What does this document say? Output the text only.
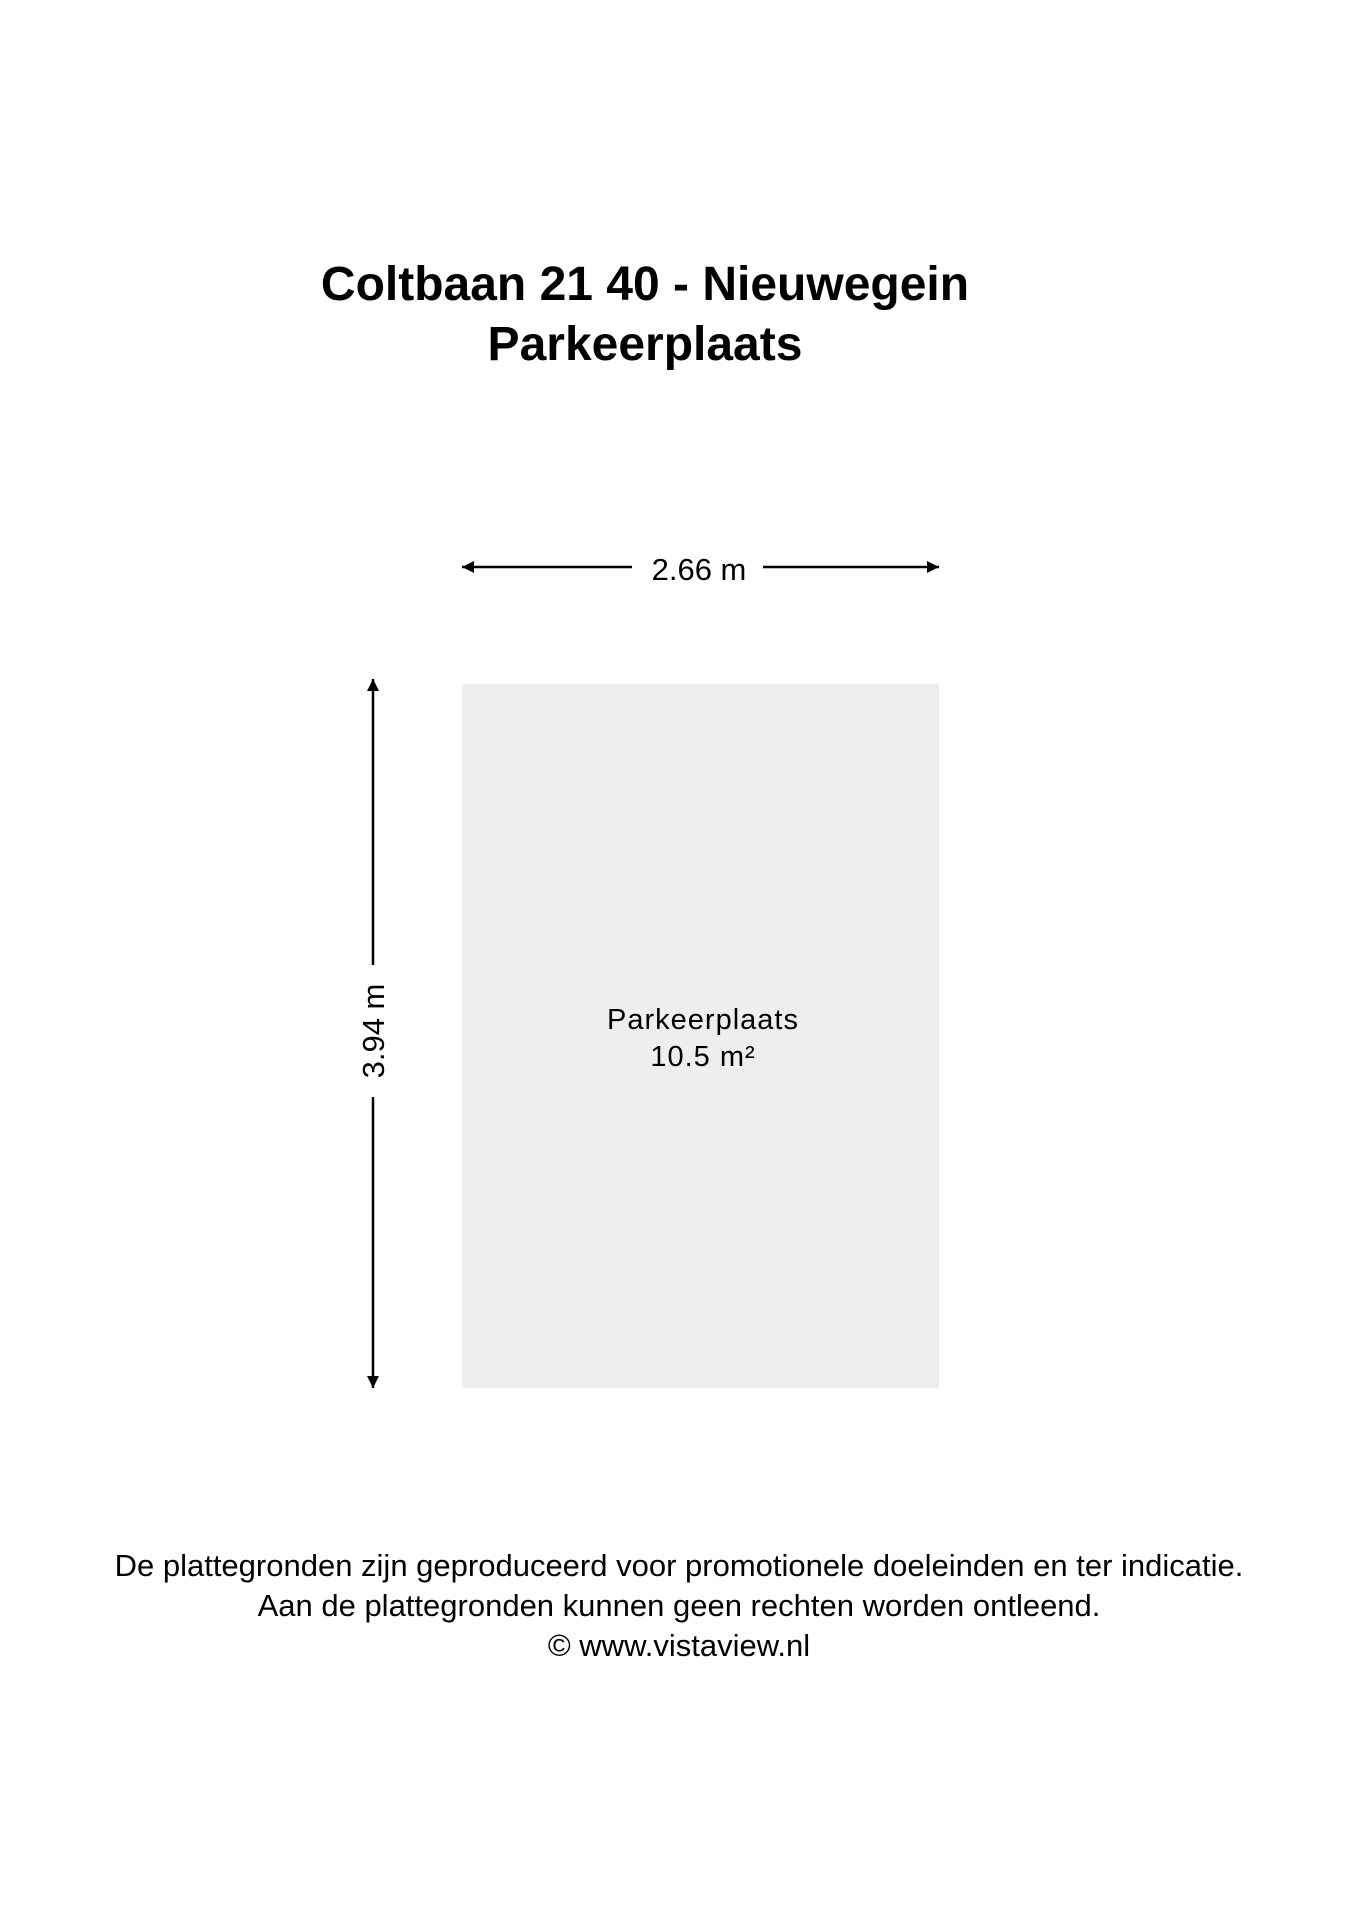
Coltbaan 21 40 - Nieuwegein
Parkeerplaats
Parkeerplaats
10.5 m²
2.66 m
3.94 m
De plattegronden zijn geproduceerd voor promotionele doeleinden en ter indicatie.
Aan de plattegronden kunnen geen rechten worden ontleend.
© www.vistaview.nl
